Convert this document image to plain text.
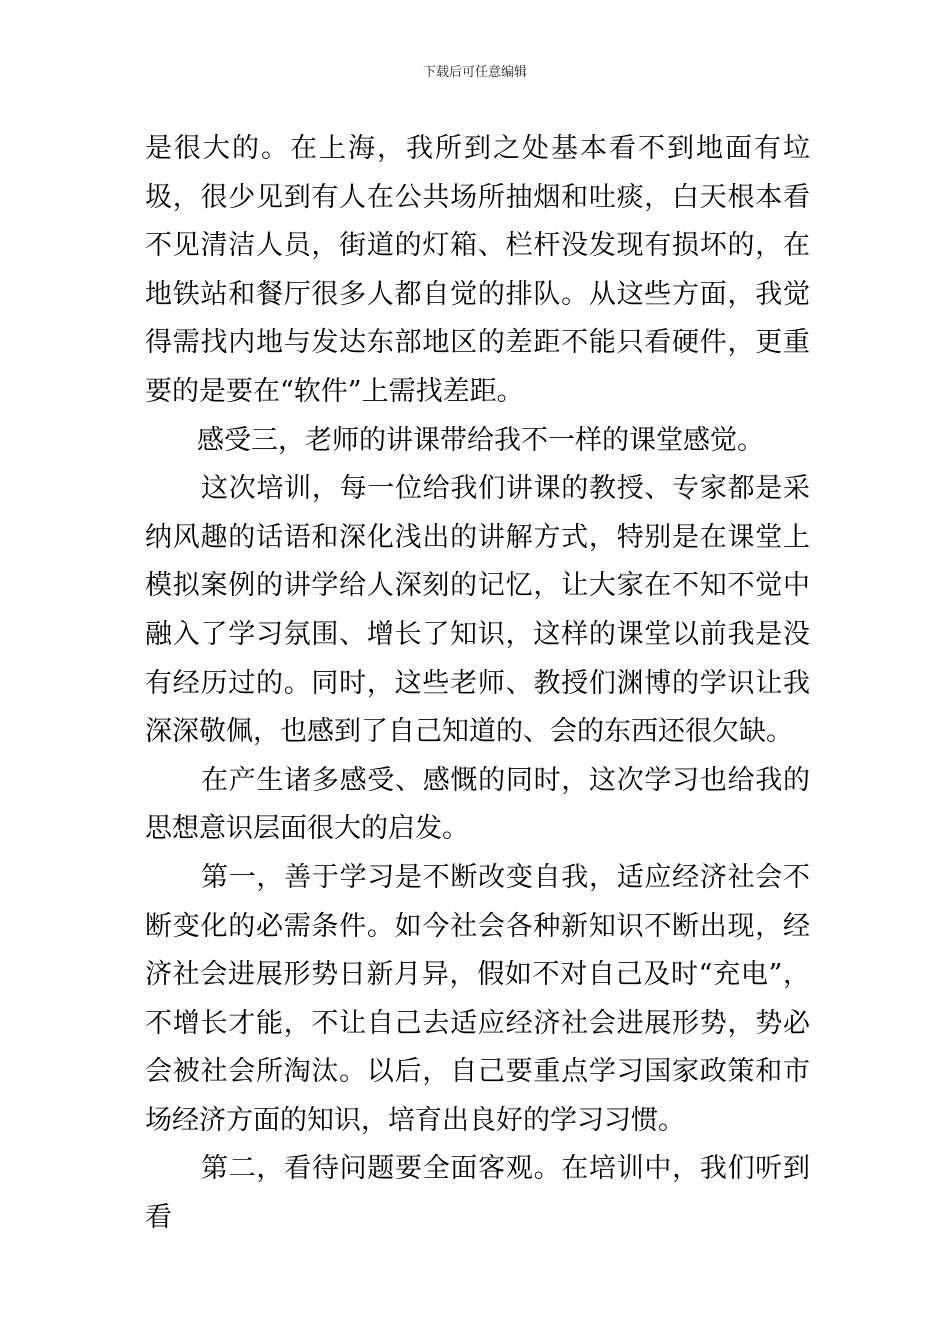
下载后可任意编辑

是很大的。在上海，我所到之处基本看不到地面有垃圾，很少见到有人在公共场所抽烟和吐痰，白天根本看不见清洁人员，街道的灯箱、栏杆没发现有损坏的，在地铁站和餐厅很多人都自觉的排队。从这些方面，我觉得需找内地与发达东部地区的差距不能只看硬件，更重要的是要在“软件”上需找差距。

感受三，老师的讲课带给我不一样的课堂感觉。

这次培训，每一位给我们讲课的教授、专家都是采纳风趣的话语和深化浅出的讲解方式，特别是在课堂上模拟案例的讲学给人深刻的记忆，让大家在不知不觉中融入了学习氛围、增长了知识，这样的课堂以前我是没有经历过的。同时，这些老师、教授们渊博的学识让我深深敬佩，也感到了自己知道的、会的东西还很欠缺。

在产生诸多感受、感慨的同时，这次学习也给我的思想意识层面很大的启发。

第一，善于学习是不断改变自我，适应经济社会不断变化的必需条件。如今社会各种新知识不断出现，经济社会进展形势日新月异，假如不对自己及时“充电”，不增长才能，不让自己去适应经济社会进展形势，势必会被社会所淘汰。以后，自己要重点学习国家政策和市场经济方面的知识，培育出良好的学习习惯。

第二，看待问题要全面客观。在培训中，我们听到看
